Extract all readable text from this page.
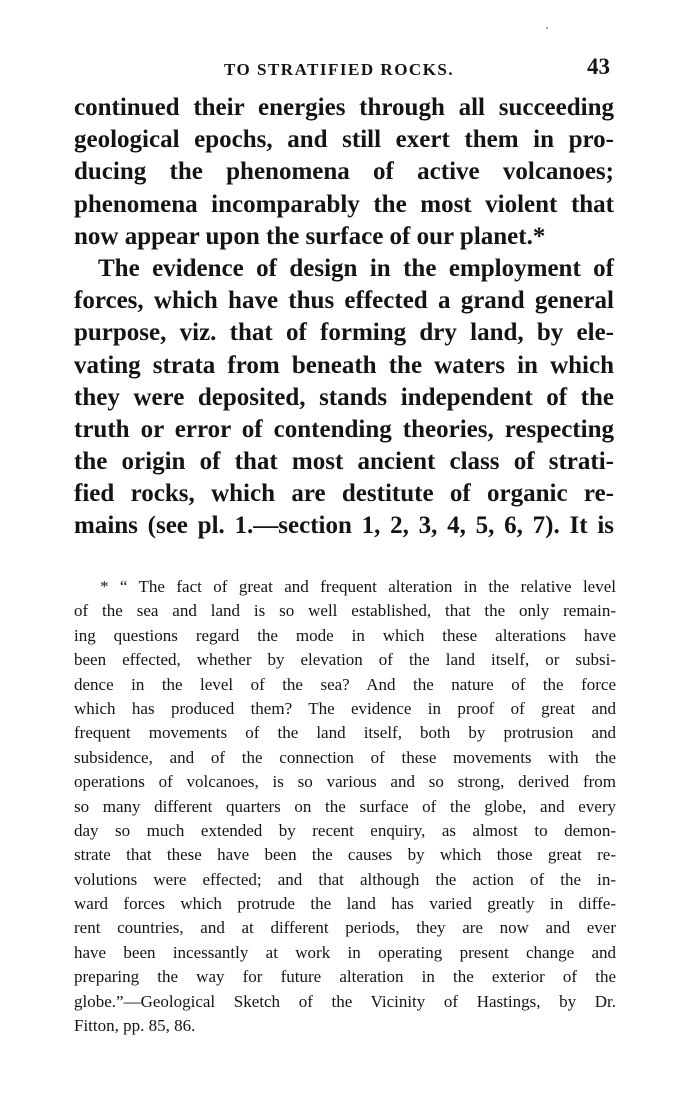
TO STRATIFIED ROCKS.	43
continued their energies through all succeeding
geological epochs, and still exert them in pro-
ducing the phenomena of active volcanoes;
phenomena incomparably the most violent that
now appear upon the surface of our planet.*
The evidence of design in the employment of
forces, which have thus effected a grand general
purpose, viz. that of forming dry land, by ele-
vating strata from beneath the waters in which
they were deposited, stands independent of the
truth or error of contending theories, respecting
the origin of that most ancient class of strati-
fied rocks, which are destitute of organic re-
mains (see pl. 1.—section 1, 2, 3, 4, 5, 6, 7). It is
* “ The fact of great and frequent alteration in the relative level
of the sea and land is so well established, that the only remain-
ing questions regard the mode in which these alterations have
been effected, whether by elevation of the land itself, or subsi-
dence in the level of the sea? And the nature of the force
which has produced them? The evidence in proof of great and
frequent movements of the land itself, both by protrusion and
subsidence, and of the connection of these movements with the
operations of volcanoes, is so various and so strong, derived from
so many different quarters on the surface of the globe, and every
day so much extended by recent enquiry, as almost to demon-
strate that these have been the causes by which those great re-
volutions were effected; and that although the action of the in-
ward forces which protrude the land has varied greatly in diffe-
rent countries, and at different periods, they are now and ever
have been incessantly at work in operating present change and
preparing the way for future alteration in the exterior of the
globe.”—Geological Sketch of the Vicinity of Hastings, by Dr.
Fitton, pp. 85, 86.
